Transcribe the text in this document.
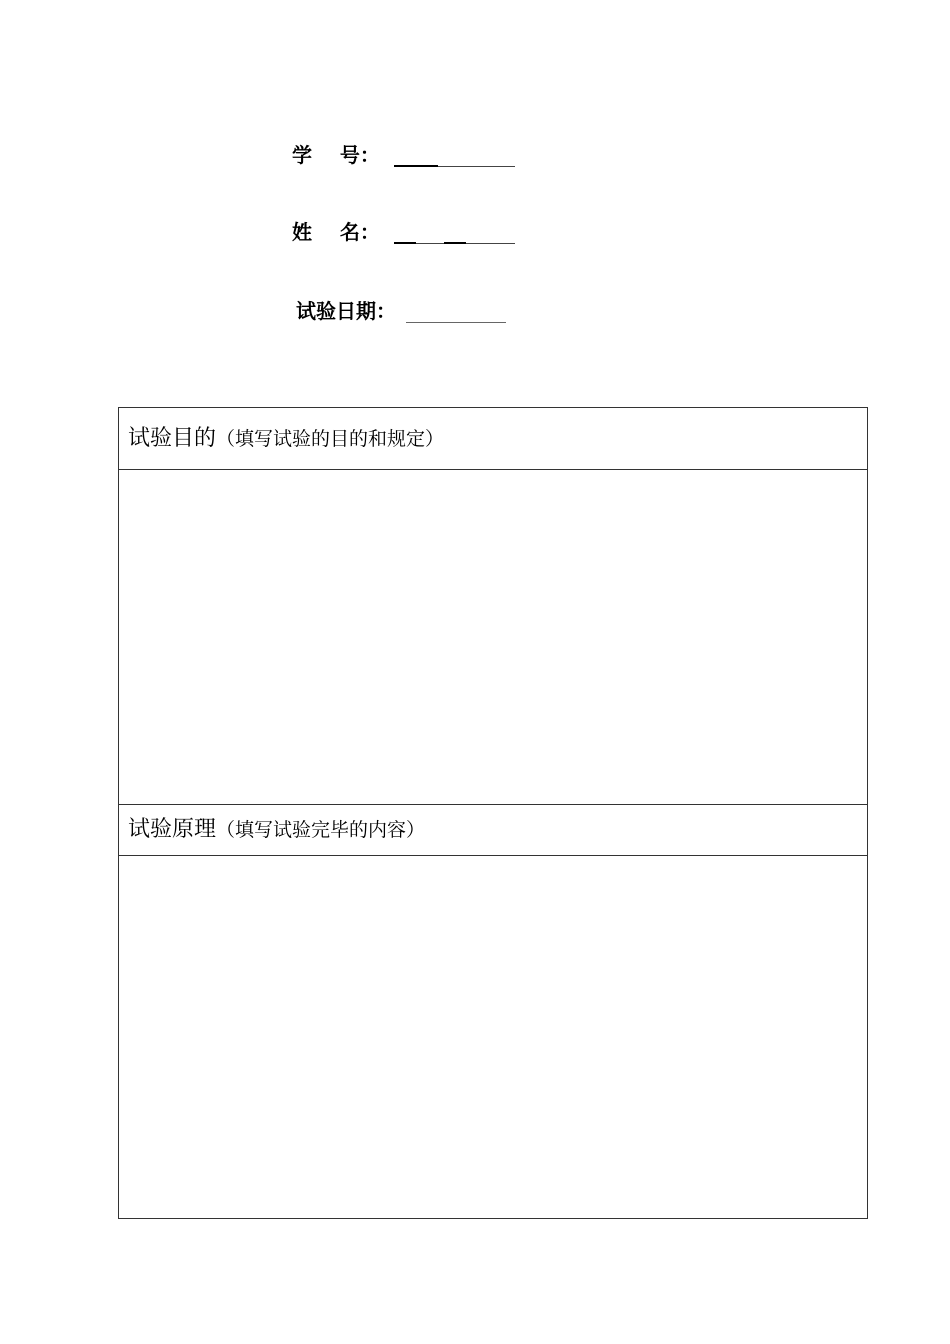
学    号：
姓    名：
试验日期：
试验目的 （填写试验的目的和规定）
试验原理 （填写试验完毕的内容）
